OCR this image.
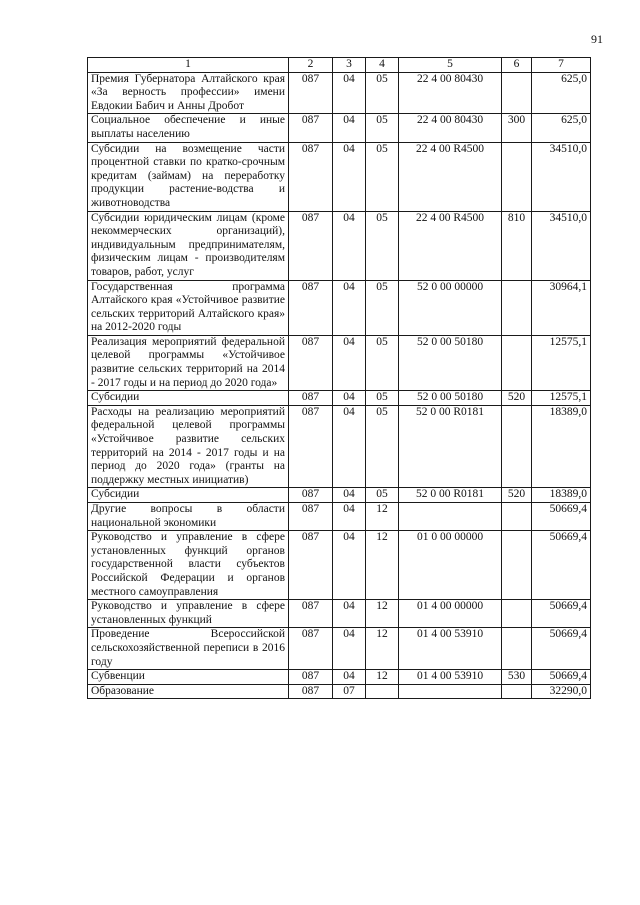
91
1	2	3	4	5	6	7
Премия Губернатора Алтайского края «За верность профессии» имени Евдокии Бабич и Анны Дробот	087	04	05	22 4 00 80430		625,0
Социальное обеспечение и иные выплаты населению	087	04	05	22 4 00 80430	300	625,0
Субсидии на возмещение части процентной ставки по кратко-срочным кредитам (займам) на переработку продукции растение-водства и животноводства	087	04	05	22 4 00 R4500		34510,0
Субсидии юридическим лицам (кроме некоммерческих организаций), индивидуальным предпринимателям, физическим лицам - производителям товаров, работ, услуг	087	04	05	22 4 00 R4500	810	34510,0
Государственная программа Алтайского края «Устойчивое развитие сельских территорий Алтайского края» на 2012-2020 годы	087	04	05	52 0 00 00000		30964,1
Реализация мероприятий федеральной целевой программы «Устойчивое развитие сельских территорий на 2014 - 2017 годы и на период до 2020 года»	087	04	05	52 0 00 50180		12575,1
Субсидии	087	04	05	52 0 00 50180	520	12575,1
Расходы на реализацию мероприятий федеральной целевой программы «Устойчивое развитие сельских территорий на 2014 - 2017 годы и на период до 2020 года» (гранты на поддержку местных инициатив)	087	04	05	52 0 00 R0181		18389,0
Субсидии	087	04	05	52 0 00 R0181	520	18389,0
Другие вопросы в области национальной экономики	087	04	12			50669,4
Руководство и управление в сфере установленных функций органов государственной власти субъектов Российской Федерации и органов местного самоуправления	087	04	12	01 0 00 00000		50669,4
Руководство и управление в сфере установленных функций	087	04	12	01 4 00 00000		50669,4
Проведение Всероссийской сельскохозяйственной переписи в 2016 году	087	04	12	01 4 00 53910		50669,4
Субвенции	087	04	12	01 4 00 53910	530	50669,4
Образование	087	07				32290,0
